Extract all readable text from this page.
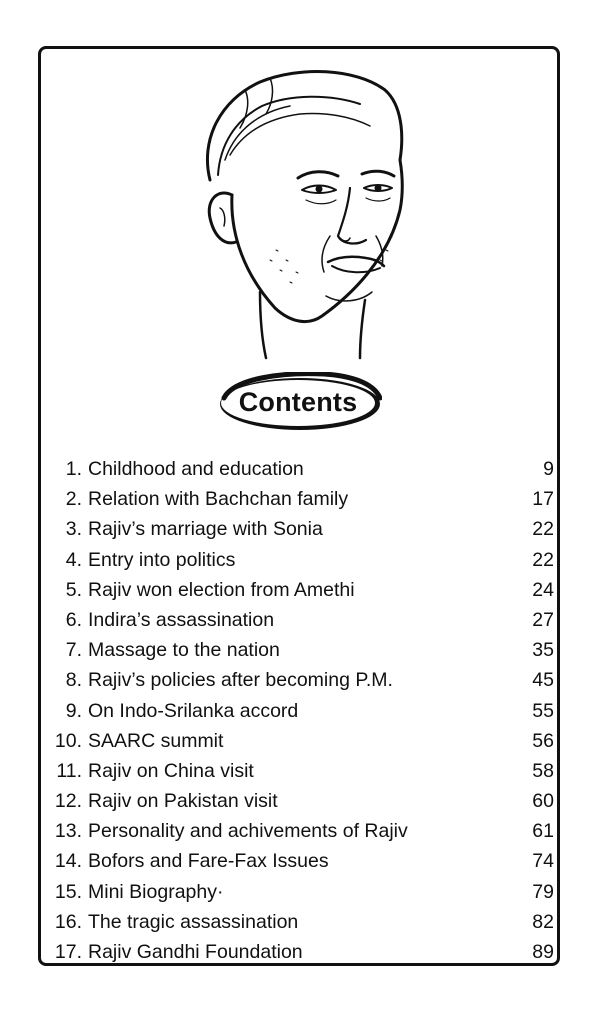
Contents
1. Childhood and education	9
2. Relation with Bachchan family	17
3. Rajiv’s marriage with Sonia	22
4. Entry into politics	22
5. Rajiv won election from Amethi	24
6. Indira’s assassination	27
7. Massage to the nation	35
8. Rajiv’s policies after becoming P.M.	45
9. On Indo-Srilanka accord	55
10. SAARC summit	56
11. Rajiv on China visit	58
12. Rajiv on Pakistan visit	60
13. Personality and achivements of Rajiv	61
14. Bofors and Fare-Fax Issues	74
15. Mini Biography·	79
16. The tragic assassination	82
17. Rajiv Gandhi Foundation	89
